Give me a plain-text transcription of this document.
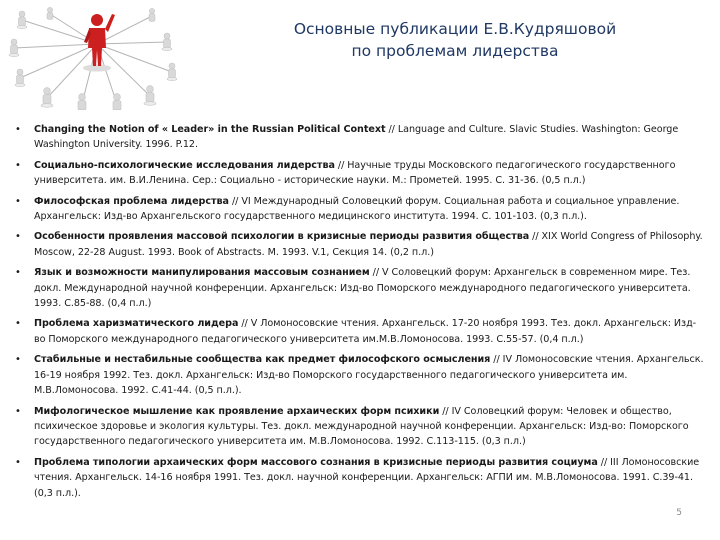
Основные публикации Е.В.Кудряшовой
по проблемам лидерства
• Changing the Notion of « Leader» in the Russian Political Context // Language and Culture. Slavic Studies. Washington: George Washington University. 1996. P.12.
• Социально-психологические исследования лидерства // Научные труды Московского педагогического государственного университета. им. В.И.Ленина. Сер.: Социально - исторические науки. М.: Прометей. 1995. С. 31-36. (0,5 п.л.)
• Философская проблема лидерства // VI Международный Соловецкий форум. Социальная работа и социальное управление. Архангельск: Изд-во Архангельского государственного медицинского института. 1994. С. 101-103. (0,3 п.л.).
• Особенности проявления массовой психологии в кризисные периоды развития общества // XIX World Congress of Philosophy. Moscow, 22-28 August. 1993. Book of Abstracts. M. 1993. V.1, Секция 14. (0,2 п.л.)
• Язык и возможности манипулирования массовым сознанием // V Соловецкий форум: Архангельск в современном мире. Тез. докл. Международной научной конференции. Архангельск: Изд-во Поморского международного педагогического университета. 1993. С.85-88. (0,4 п.л.)
• Проблема харизматического лидера // V Ломоносовские чтения. Архангельск. 17-20 ноября 1993. Тез. докл. Архангельск: Изд-во Поморского международного педагогического университета им.М.В.Ломоносова. 1993. С.55-57. (0,4 п.л.)
• Стабильные и нестабильные сообщества как предмет философского осмысления // IV Ломоносовские чтения. Архангельск. 16-19 ноября 1992. Тез. докл. Архангельск: Изд-во Поморского государственного педагогического университета им. М.В.Ломоносова. 1992. С.41-44. (0,5 п.л.).
• Мифологическое мышление как проявление архаических форм психики // IV Соловецкий форум: Человек и общество, психическое здоровье и экология культуры. Тез. докл. международной научной конференции. Архангельск: Изд-во: Поморского государственного педагогического университета им. М.В.Ломоносова. 1992. С.113-115. (0,3 п.л.)
• Проблема типологии архаических форм массового сознания в кризисные периоды развития социума // III Ломоносовские чтения. Архангельск. 14-16 ноября 1991. Тез. докл. научной конференции. Архангельск: АГПИ им. М.В.Ломоносова. 1991. С.39-41. (0,3 п.л.).
5
